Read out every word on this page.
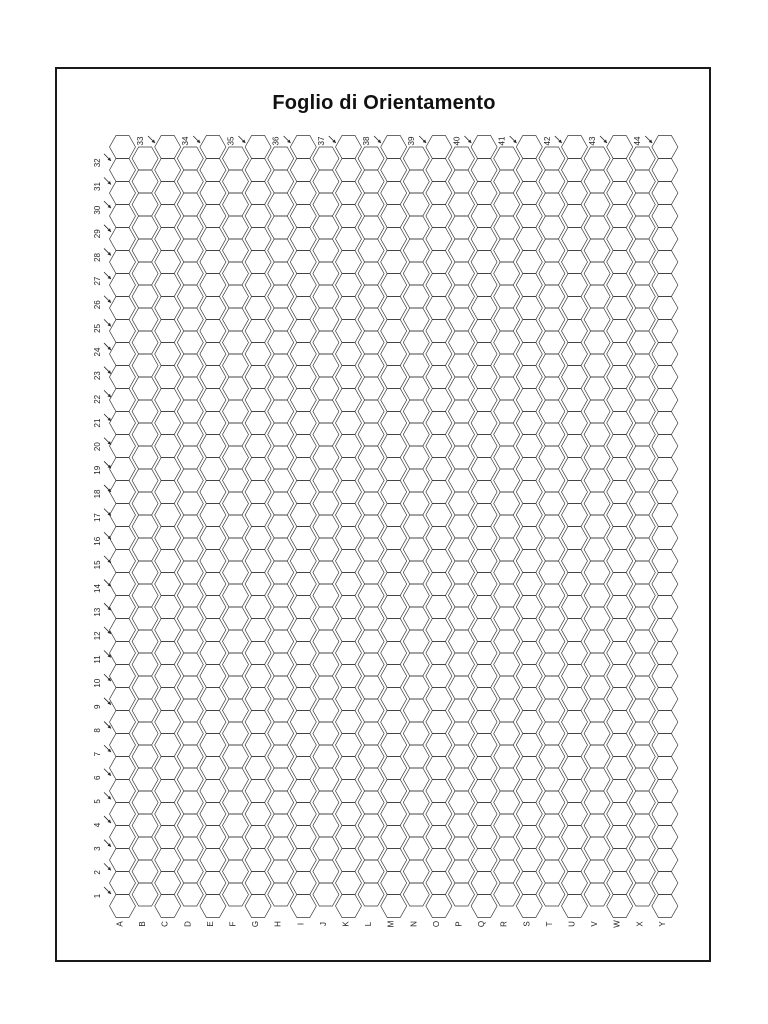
Foglio di Orientamento
A B C D E F G H I J K L M N O P Q R S T U V W X Y
1
2
3
4
5
6
7
8
9
10
11
12
13
14
15
16
17
18
19
20
21
22
23
24
25
26
27
28
29
30
31
32
33	34	35	36	37	38	39	40	41	42	43	44
